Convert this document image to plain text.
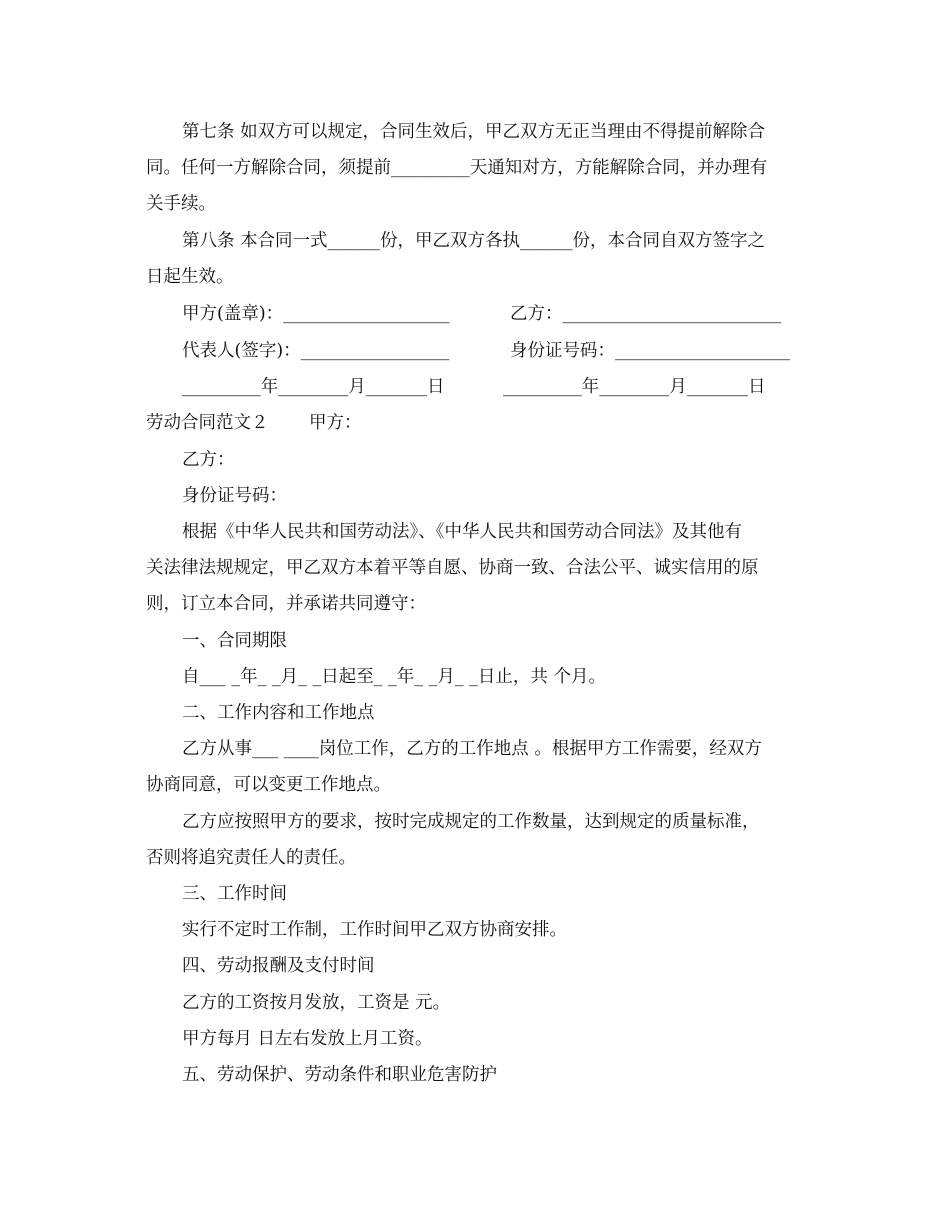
第七条 如双方可以规定，合同生效后，甲乙双方无正当理由不得提前解除合
同。任何一方解除合同，须提前_________天通知对方，方能解除合同，并办理有
关手续。
第八条 本合同一式______份，甲乙双方各执______份，本合同自双方签字之
日起生效。
甲方(盖章)：___________________	乙方：_________________________
代表人(签字)：_________________	身份证号码：____________________
_________年________月_______日	_________年________月_______日
劳动合同范文２ 甲方：
乙方：
身份证号码：
根据《中华人民共和国劳动法》、《中华人民共和国劳动合同法》及其他有
关法律法规规定，甲乙双方本着平等自愿、协商一致、合法公平、诚实信用的原
则，订立本合同，并承诺共同遵守：
一、合同期限
自___ _年_ _月_ _日起至_ _年_ _月_ _日止，共 个月。
二、工作内容和工作地点
乙方从事___ ____岗位工作，乙方的工作地点 。根据甲方工作需要，经双方
协商同意，可以变更工作地点。
乙方应按照甲方的要求，按时完成规定的工作数量，达到规定的质量标准，
否则将追究责任人的责任。
三、工作时间
实行不定时工作制，工作时间甲乙双方协商安排。
四、劳动报酬及支付时间
乙方的工资按月发放，工资是 元。
甲方每月 日左右发放上月工资。
五、劳动保护、劳动条件和职业危害防护
